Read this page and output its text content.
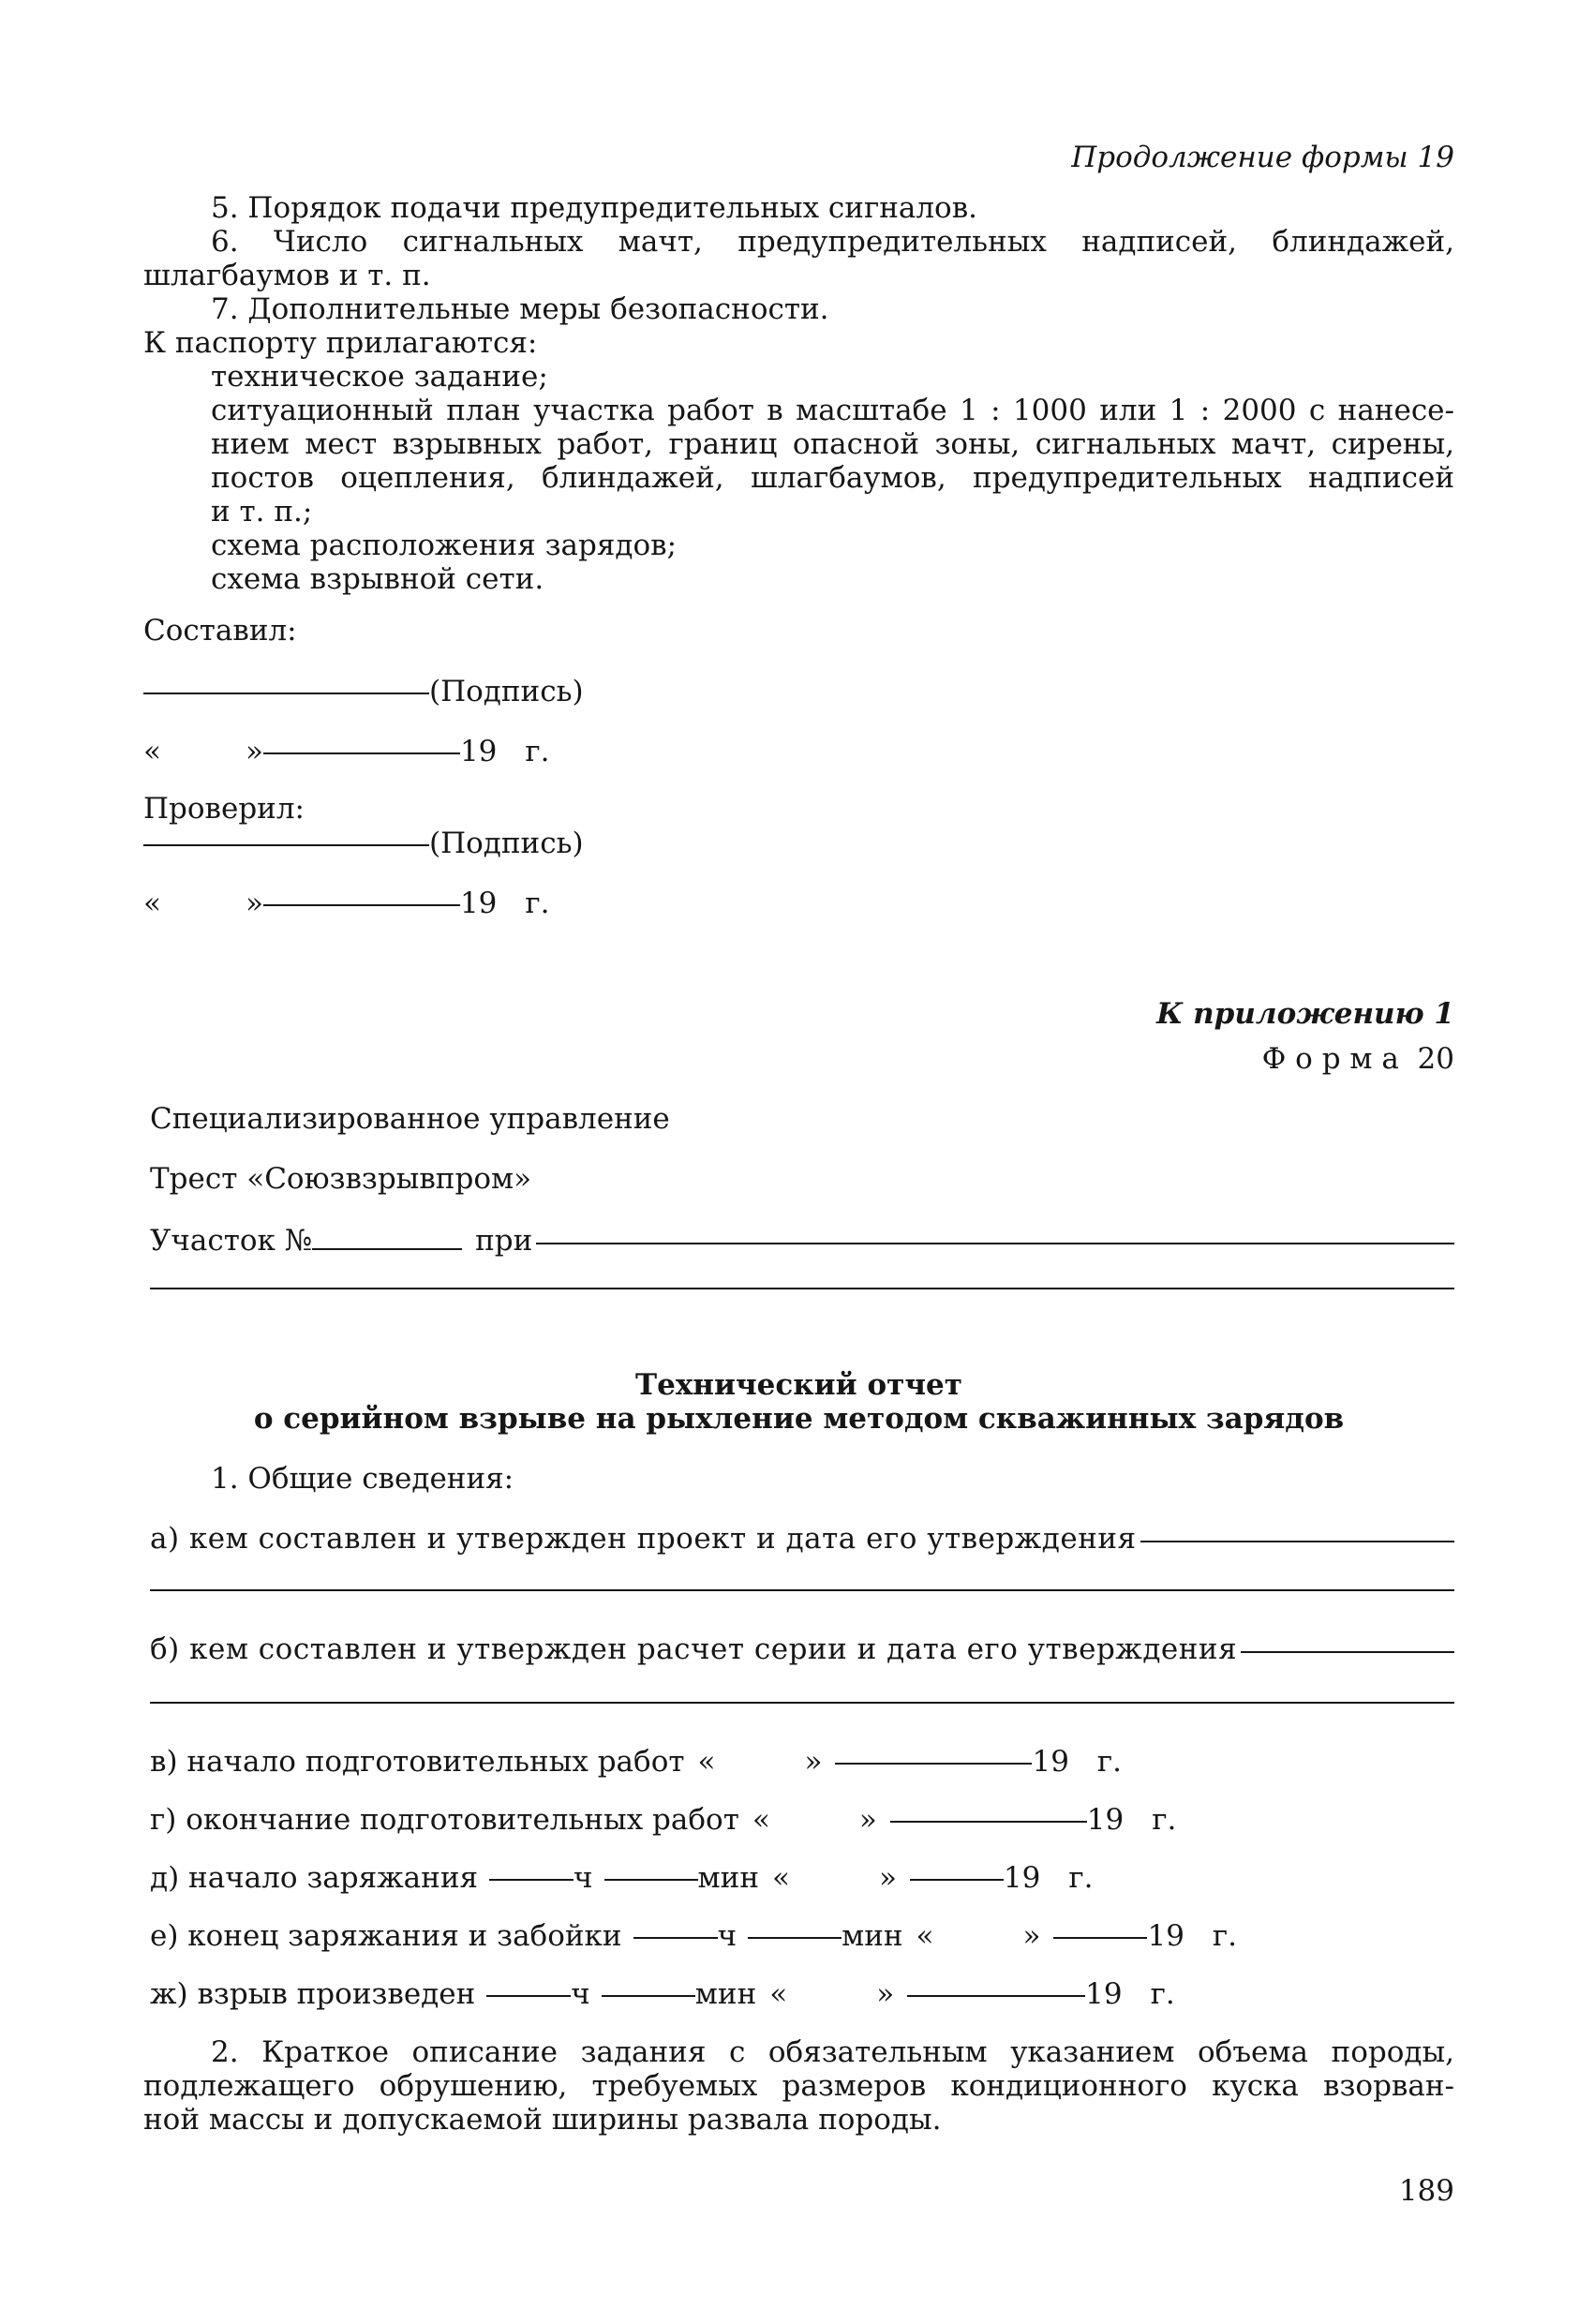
Продолжение формы 19
5. Порядок подачи предупредительных сигналов.
6. Число сигнальных мачт, предупредительных надписей, блиндажей,
шлагбаумов и т. п.
7. Дополнительные меры безопасности.
К паспорту прилагаются:
техническое задание;
ситуационный план участка работ в масштабе 1 : 1000 или 1 : 2000 с нанесе-
нием мест взрывных работ, границ опасной зоны, сигнальных мачт, сирены,
постов оцепления, блиндажей, шлагбаумов, предупредительных надписей
и т. п.;
схема расположения зарядов;
схема взрывной сети.
Составил:
(Подпись)
«	»	19 г.
Проверил:
(Подпись)
«	»	19 г.
К приложению 1
Ф о р м а  20
Специализированное управление
Трест «Союзвзрывпром»
Участок №	при
Технический отчет
о серийном взрыве на рыхление методом скважинных зарядов
1. Общие сведения:
а) кем составлен и утвержден проект и дата его утверждения
б) кем составлен и утвержден расчет серии и дата его утверждения
в) начало подготовительных работ «	»	19 г.
г) окончание подготовительных работ «	»	19 г.
д) начало заряжания	ч	мин «	»	19 г.
е) конец заряжания и забойки	ч	мин «	»	19 г.
ж) взрыв произведен	ч	мин «	»	19 г.
2. Краткое описание задания с обязательным указанием объема породы,
подлежащего обрушению, требуемых размеров кондиционного куска взорван-
ной массы и допускаемой ширины развала породы.
189
